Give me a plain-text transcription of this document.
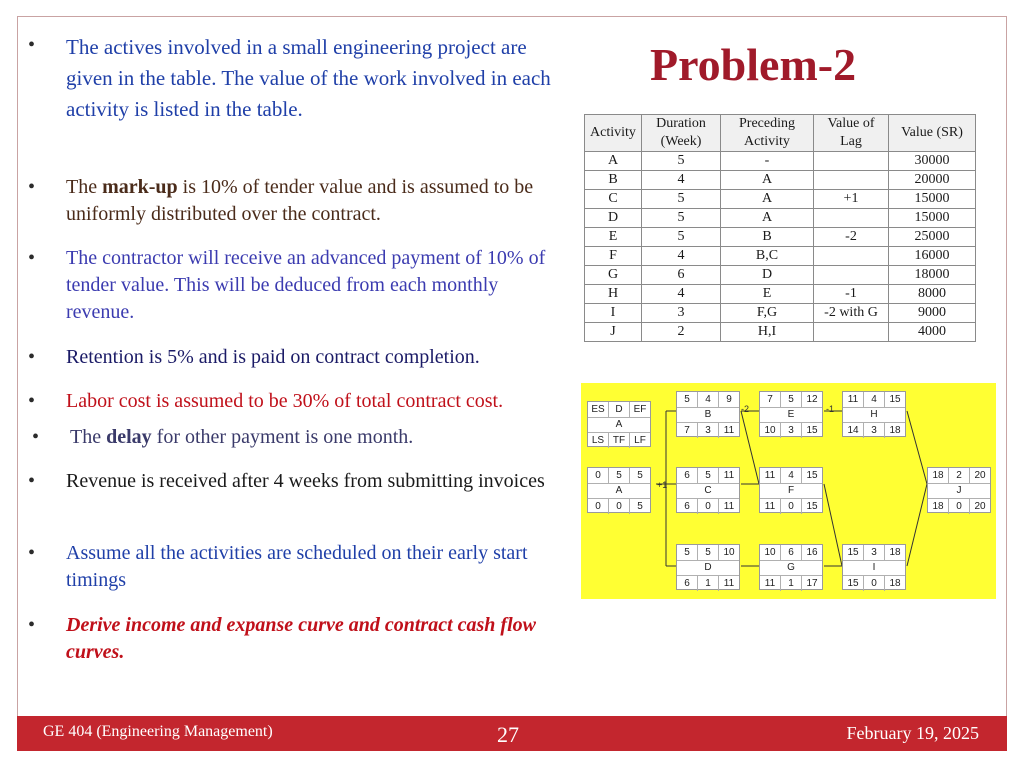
Problem-2
• The actives involved in a small engineering project are given in the table. The value of the work involved in each activity is listed in the table.
• The mark-up is 10% of tender value and is assumed to be uniformly distributed over the contract.
• The contractor will receive an advanced payment of 10% of tender value. This will be deduced from each monthly revenue.
• Retention is 5% and is paid on contract completion.
• Labor cost is assumed to be 30% of total contract cost.
• The delay for other payment is one month.
• Revenue is received after 4 weeks from submitting invoices
• Assume all the activities are scheduled on their early start timings
• Derive income and expanse curve and contract cash flow curves.
Activity	Duration (Week)	Preceding Activity	Value of Lag	Value (SR)
A	5	-		30000
B	4	A		20000
C	5	A	+1	15000
D	5	A		15000
E	5	B	-2	25000
F	4	B,C		16000
G	6	D		18000
H	4	E	-1	8000
I	3	F,G	-2 with G	9000
J	2	H,I		4000
-2	-1
+1
ES	D	EF
A
LS TF LF
0	5	5
A
0	0	5
5	4	9
B
7	3	11
6	5	11
C
6	0	11
5	5	10
D
6	1	11
7	5	12
E
10	3	15
11	4	15
F
11	0	15
10	6	16
G
11	1	17
11	4	15
H
14	3	18
15	3	18
I
15	0	18
18	2	20
J
18	0	20
GE 404 (Engineering Management)	27	February 19, 2025
